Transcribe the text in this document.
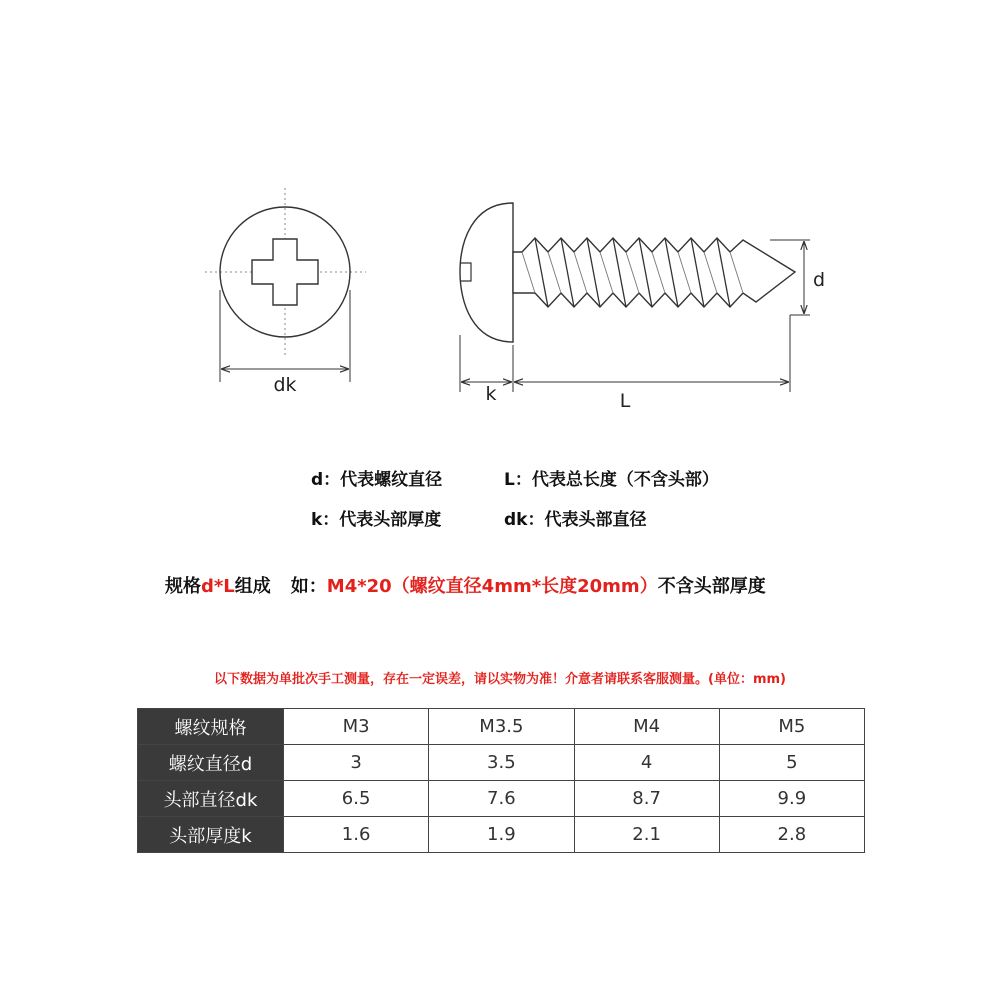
dk
d
k	L
d：代表螺纹直径	L：代表总长度（不含头部）
k：代表头部厚度	dk：代表头部直径
规格d*L组成 如：M4*20（螺纹直径4mm*长度20mm）不含头部厚度
以下数据为单批次手工测量，存在一定误差，请以实物为准！介意者请联系客服测量。(单位：mm)
螺纹规格	M3	M3.5	M4	M5
螺纹直径d	3	3.5	4	5
头部直径dk	6.5	7.6	8.7	9.9
头部厚度k	1.6	1.9	2.1	2.8
